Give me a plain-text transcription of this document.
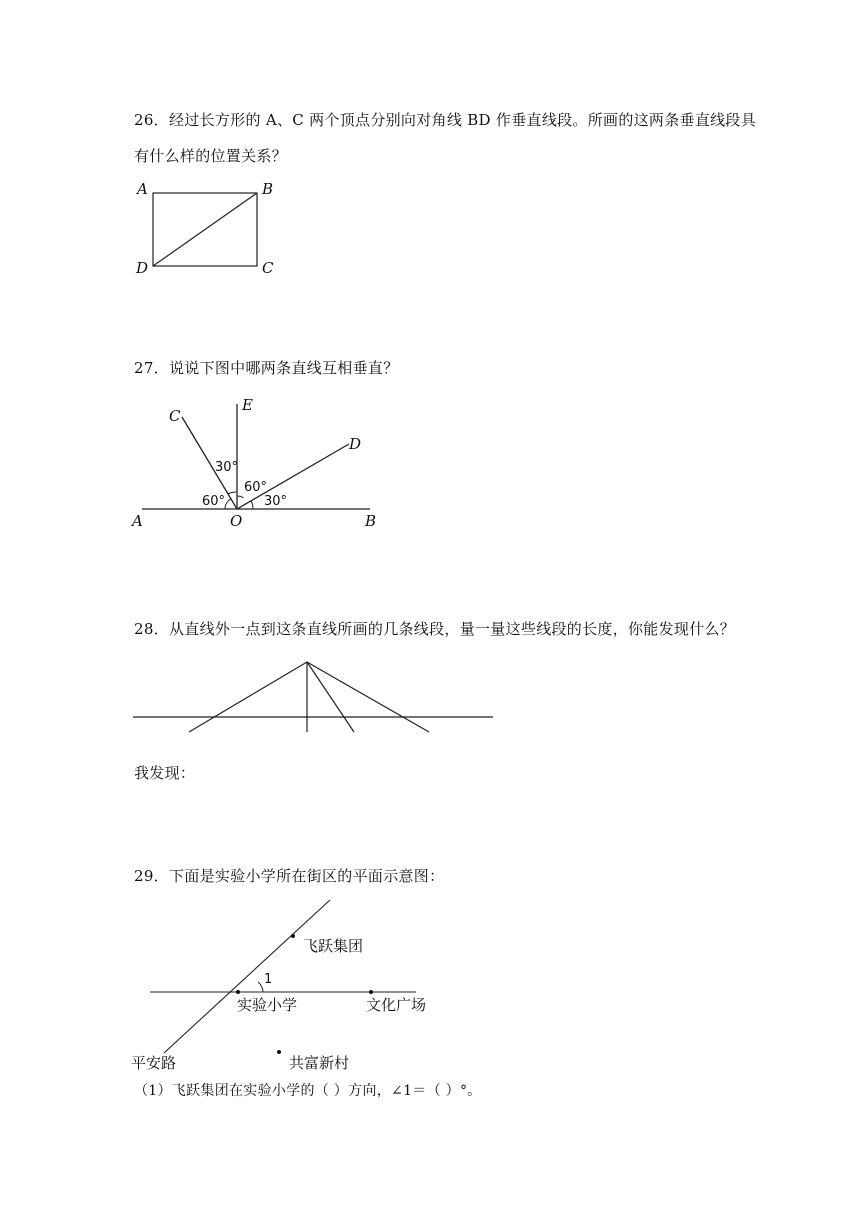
26．经过长方形的 A、C 两个顶点分别向对角线 BD 作垂直线段。所画的这两条垂直线段具

有什么样的位置关系？

A	B
C
D

27．说说下图中哪两条直线互相垂直？

60°
30°
60°
30°
A	O	B
C
E
D

28．从直线外一点到这条直线所画的几条线段，量一量这些线段的长度，你能发现什么？

我发现：

29．下面是实验小学所在街区的平面示意图：

1
飞跃集团
实验小学	文化广场
平安路	共富新村

（1）飞跃集团在实验小学的（ ）方向，∠1＝（ ）°。
